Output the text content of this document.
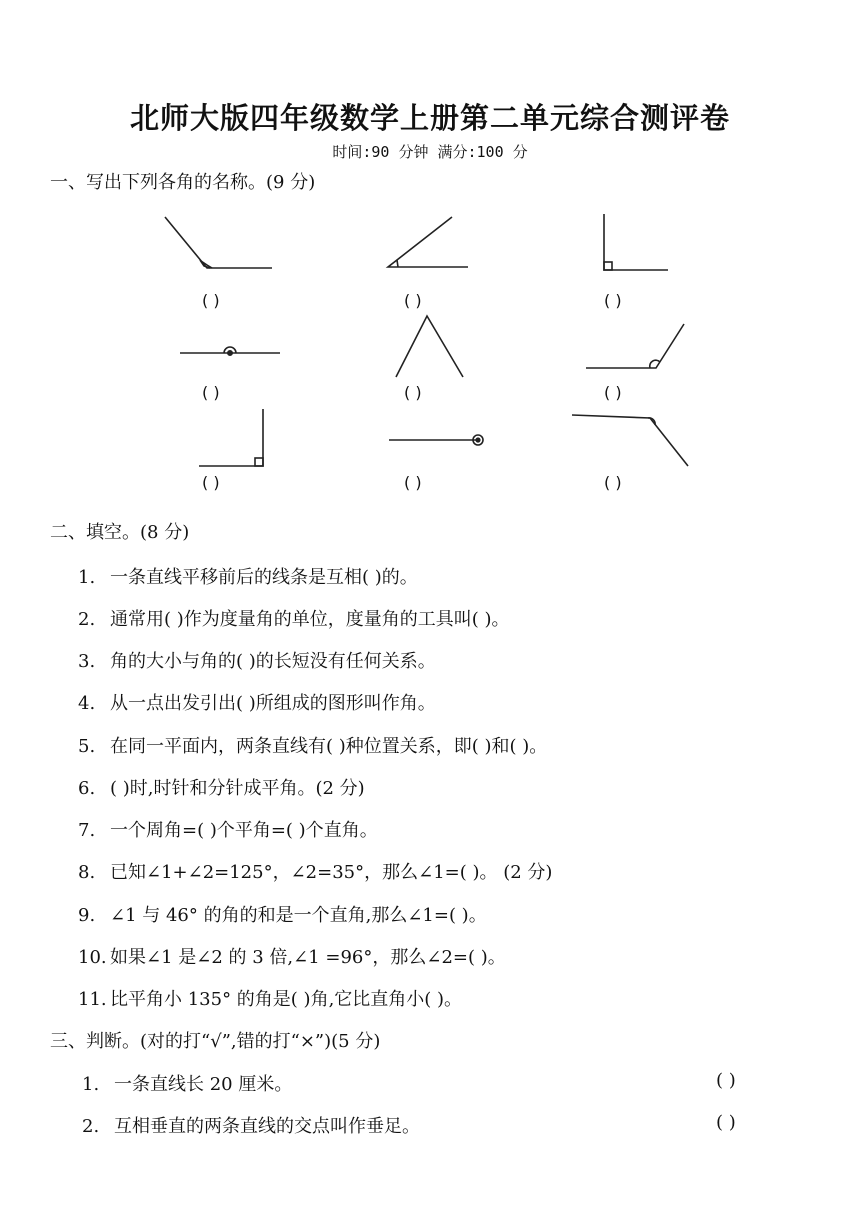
北师大版四年级数学上册第二单元综合测评卷
时间:90 分钟 满分:100 分
一、写出下列各角的名称。(9 分)
( )	( )	( )
( )	( )	( )
( )	( )	( )
二、填空。(8 分)
1. 一条直线平移前后的线条是互相( )的。
2. 通常用( )作为度量角的单位，度量角的工具叫( )。
3. 角的大小与角的( )的长短没有任何关系。
4. 从一点出发引出( )所组成的图形叫作角。
5. 在同一平面内，两条直线有( )种位置关系，即( )和( )。
6. ( )时,时针和分针成平角。(2 分)
7. 一个周角=( )个平角=( )个直角。
8. 已知∠1+∠2=125°，∠2=35°，那么∠1=( )。 (2 分)
9. ∠1 与 46° 的角的和是一个直角,那么∠1=( )。
10. 如果∠1 是∠2 的 3 倍,∠1 =96°，那么∠2=( )。
11. 比平角小 135° 的角是( )角,它比直角小( )。
三、判断。(对的打“√”,错的打“×”)(5 分)
1. 一条直线长 20 厘米。	( )
2. 互相垂直的两条直线的交点叫作垂足。	( )
